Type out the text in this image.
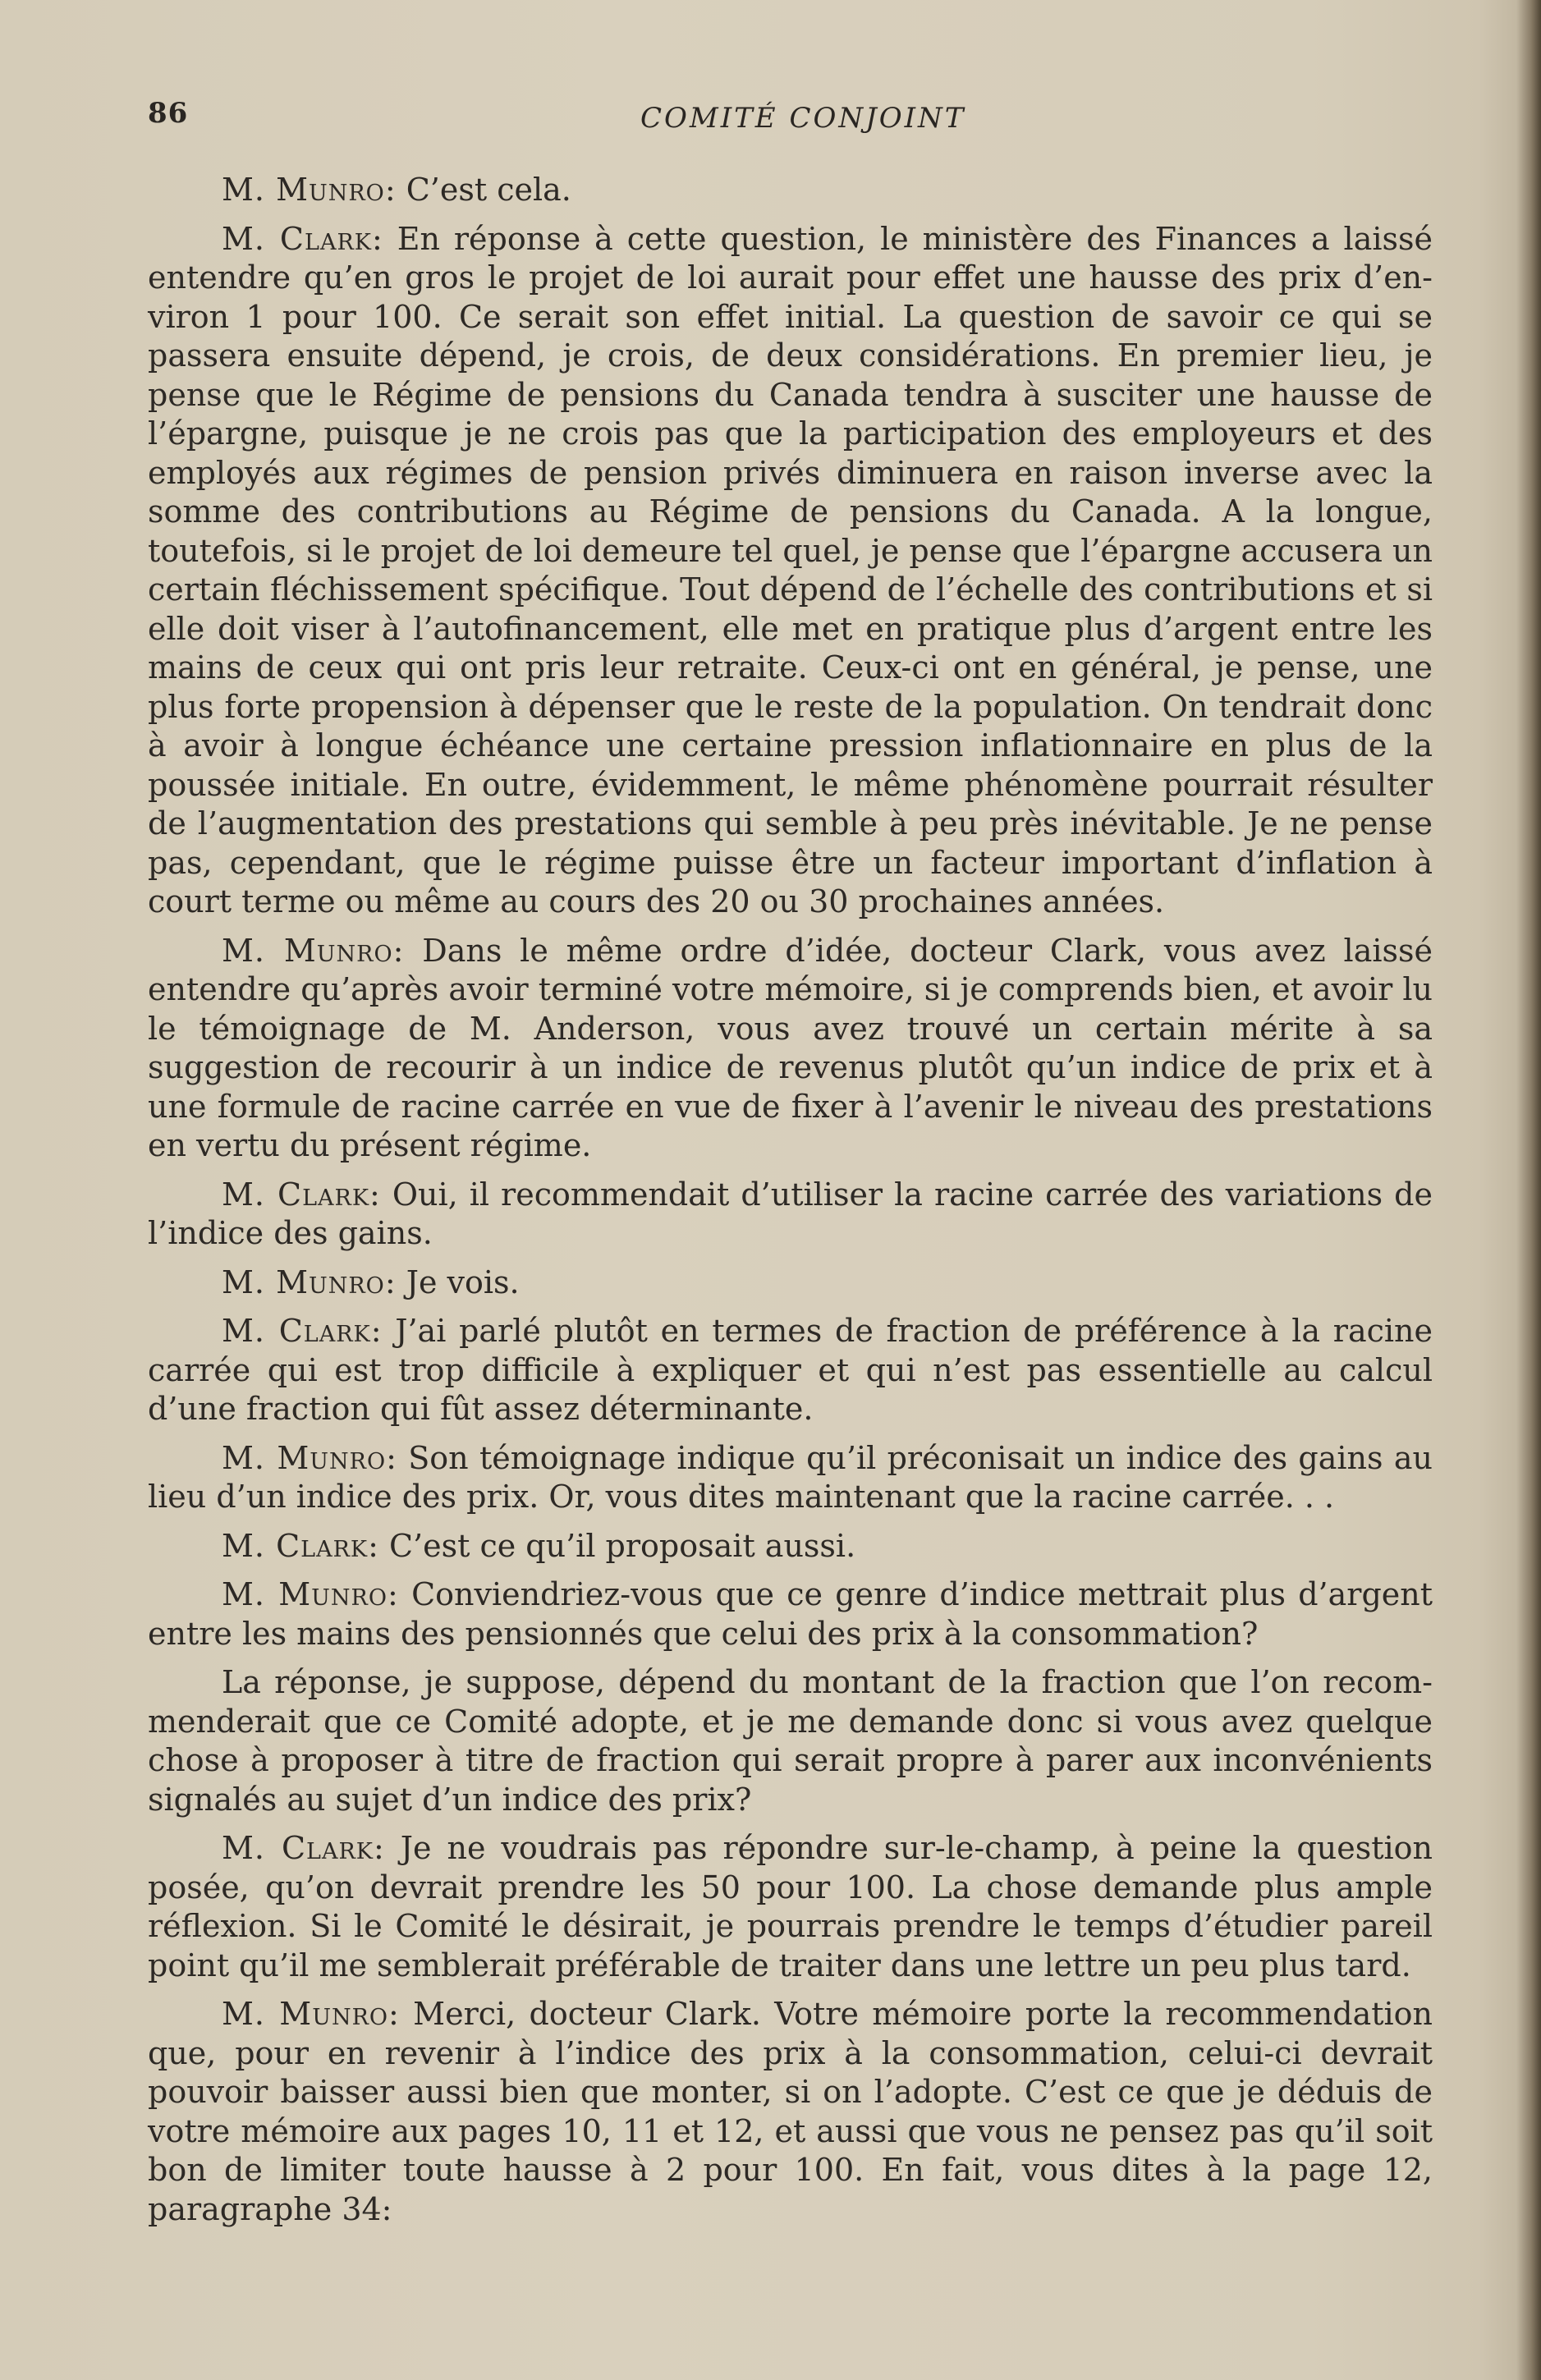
86	COMITÉ CONJOINT

M. Munro: C’est cela.

M. Clark: En réponse à cette question, le ministère des Finances a laissé entendre qu’en gros le projet de loi aurait pour effet une hausse des prix d’environ 1 pour 100. Ce serait son effet initial. La question de savoir ce qui se passera ensuite dépend, je crois, de deux considérations. En premier lieu, je pense que le Régime de pensions du Canada tendra à susciter une hausse de l’épargne, puisque je ne crois pas que la participation des employeurs et des employés aux régimes de pension privés diminuera en raison inverse avec la somme des contributions au Régime de pensions du Canada. A la longue, toutefois, si le projet de loi demeure tel quel, je pense que l’épargne accusera un certain fléchissement spécifique. Tout dépend de l’échelle des contributions et si elle doit viser à l’autofinancement, elle met en pratique plus d’argent entre les mains de ceux qui ont pris leur retraite. Ceux-ci ont en général, je pense, une plus forte propension à dépenser que le reste de la population. On tendrait donc à avoir à longue échéance une certaine pression inflationnaire en plus de la poussée initiale. En outre, évidemment, le même phénomène pourrait résulter de l’augmentation des prestations qui semble à peu près inévitable. Je ne pense pas, cependant, que le régime puisse être un facteur important d’inflation à court terme ou même au cours des 20 ou 30 prochaines années.

M. Munro: Dans le même ordre d’idée, docteur Clark, vous avez laissé entendre qu’après avoir terminé votre mémoire, si je comprends bien, et avoir lu le témoignage de M. Anderson, vous avez trouvé un certain mérite à sa suggestion de recourir à un indice de revenus plutôt qu’un indice de prix et à une formule de racine carrée en vue de fixer à l’avenir le niveau des prestations en vertu du présent régime.

M. Clark: Oui, il recommendait d’utiliser la racine carrée des variations de l’indice des gains.

M. Munro: Je vois.

M. Clark: J’ai parlé plutôt en termes de fraction de préférence à la racine carrée qui est trop difficile à expliquer et qui n’est pas essentielle au calcul d’une fraction qui fût assez déterminante.

M. Munro: Son témoignage indique qu’il préconisait un indice des gains au lieu d’un indice des prix. Or, vous dites maintenant que la racine carrée. . .

M. Clark: C’est ce qu’il proposait aussi.

M. Munro: Conviendriez-vous que ce genre d’indice mettrait plus d’argent entre les mains des pensionnés que celui des prix à la consommation?

La réponse, je suppose, dépend du montant de la fraction que l’on recommenderait que ce Comité adopte, et je me demande donc si vous avez quelque chose à proposer à titre de fraction qui serait propre à parer aux inconvénients signalés au sujet d’un indice des prix?

M. Clark: Je ne voudrais pas répondre sur-le-champ, à peine la question posée, qu’on devrait prendre les 50 pour 100. La chose demande plus ample réflexion. Si le Comité le désirait, je pourrais prendre le temps d’étudier pareil point qu’il me semblerait préférable de traiter dans une lettre un peu plus tard.

M. Munro: Merci, docteur Clark. Votre mémoire porte la recommendation que, pour en revenir à l’indice des prix à la consommation, celui-ci devrait pouvoir baisser aussi bien que monter, si on l’adopte. C’est ce que je déduis de votre mémoire aux pages 10, 11 et 12, et aussi que vous ne pensez pas qu’il soit bon de limiter toute hausse à 2 pour 100. En fait, vous dites à la page 12, paragraphe 34:
